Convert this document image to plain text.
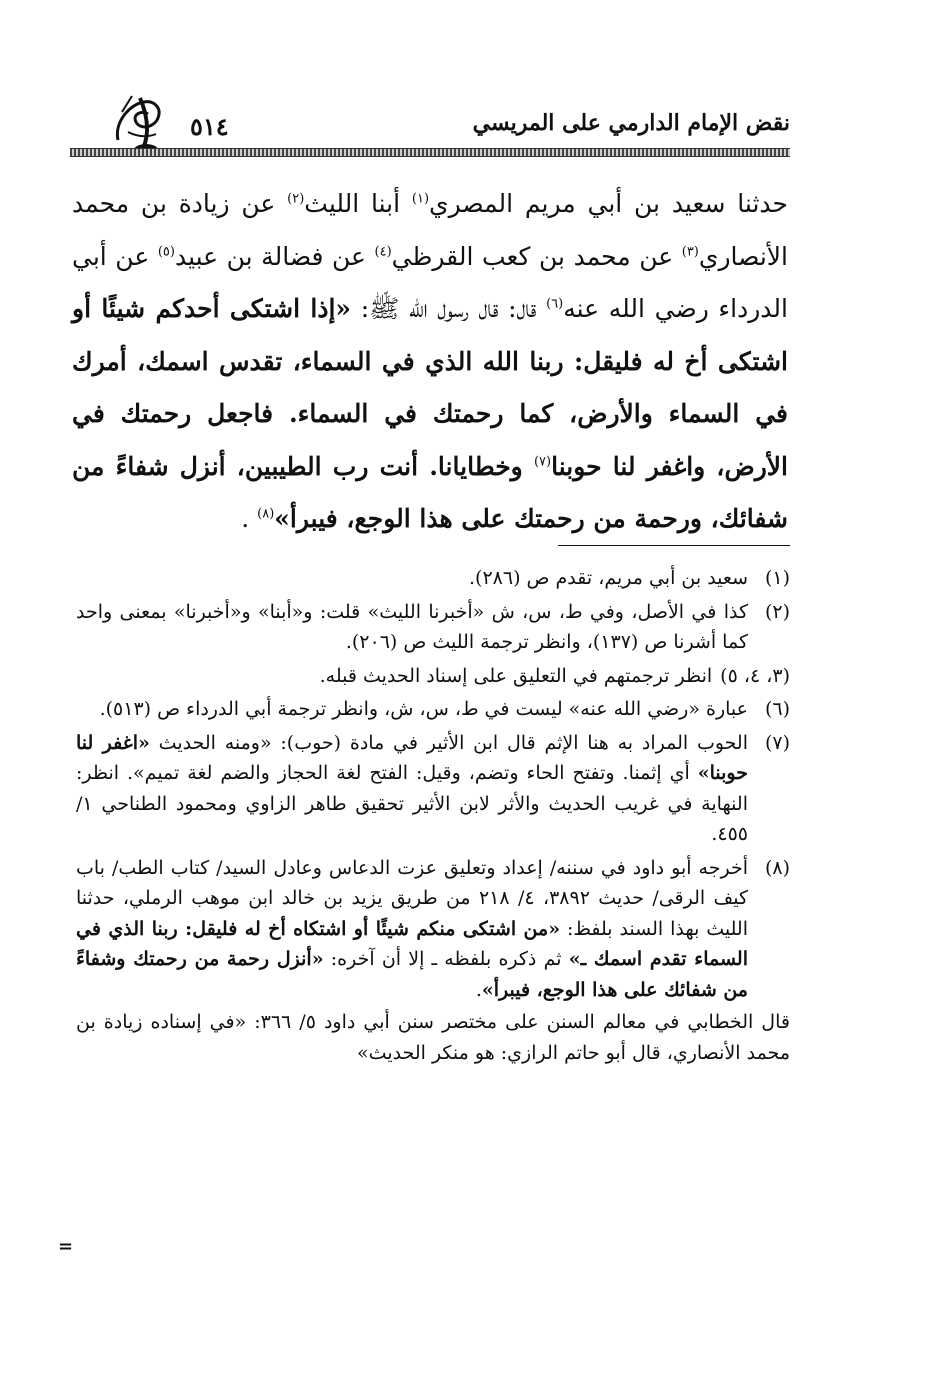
نقض الإمام الدارمي على المريسي
٥١٤

حدثنا سعيد بن أبي مريم المصري$^{(١)}$ أبنا الليث$^{(٢)}$ عن زيادة بن محمد الأنصاري$^{(٣)}$ عن محمد بن كعب القرظي$^{(٤)}$ عن فضالة بن عبيد$^{(٥)}$ عن أبي الدرداء رضي الله عنه$^{(٦)}$ قال: قال رسول الله ﷺ: «إذا اشتكى أحدكم شيئًا أو اشتكى أخ له فليقل: ربنا الله الذي في السماء، تقدس اسمك، أمرك في السماء والأرض، كما رحمتك في السماء. فاجعل رحمتك في الأرض، واغفر لنا حوبنا$^{(٧)}$ وخطايانا. أنت رب الطيبين، أنزل شفاءً من شفائك، ورحمة من رحمتك على هذا الوجع، فيبرأ»$^{(٨)}$ .

(١)
سعيد بن أبي مريم، تقدم ص (٢٨٦).
(٢)
كذا في الأصل، وفي ط، س، ش «أخبرنا الليث» قلت: و«أبنا» و«أخبرنا» بمعنى واحد كما أشرنا ص (١٣٧)، وانظر ترجمة الليث ص (٢٠٦).
(٣، ٤، ٥)
انظر ترجمتهم في التعليق على إسناد الحديث قبله.
(٦)
عبارة «رضي الله عنه» ليست في ط، س، ش، وانظر ترجمة أبي الدرداء ص (٥١٣).
(٧)
الحوب المراد به هنا الإثم قال ابن الأثير في مادة (حوب): «ومنه الحديث «اغفر لنا حوبنا» أي إثمنا. وتفتح الحاء وتضم، وقيل: الفتح لغة الحجاز والضم لغة تميم». انظر: النهاية في غريب الحديث والأثر لابن الأثير تحقيق طاهر الزاوي ومحمود الطناحي ١/ ٤٥٥.
(٨)
أخرجه أبو داود في سننه/ إعداد وتعليق عزت الدعاس وعادل السيد/ كتاب الطب/ باب كيف الرقى/ حديث ٣٨٩٢، ٤/ ٢١٨ من طريق يزيد بن خالد ابن موهب الرملي، حدثنا الليث بهذا السند بلفظ: «من اشتكى منكم شيئًا أو اشتكاه أخ له فليقل: ربنا الذي في السماء تقدم اسمك ـ» ثم ذكره بلفظه ـ إلا أن آخره: «أنزل رحمة من رحمتك وشفاءً من شفائك على هذا الوجع، فيبرأ».

قال الخطابي في معالم السنن على مختصر سنن أبي داود ٥/ ٣٦٦: «في إسناده زيادة بن محمد الأنصاري، قال أبو حاتم الرازي: هو منكر الحديث»

=
